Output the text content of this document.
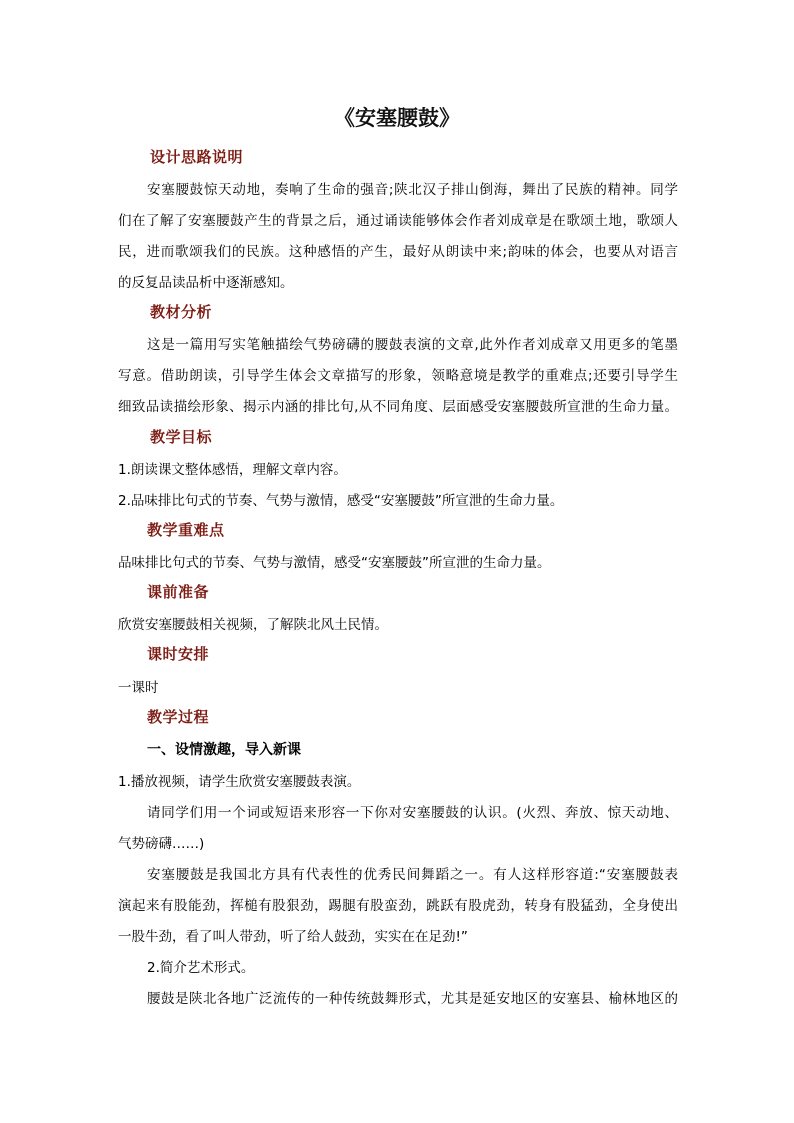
《安塞腰鼓》
设计思路说明
安塞腰鼓惊天动地，奏响了生命的强音;陕北汉子排山倒海，舞出了民族的精神。同学
们在了解了安塞腰鼓产生的背景之后，通过诵读能够体会作者刘成章是在歌颂土地，歌颂人
民，进而歌颂我们的民族。这种感悟的产生，最好从朗读中来;韵味的体会，也要从对语言
的反复品读品析中逐渐感知。
教材分析
这是一篇用写实笔触描绘气势磅礴的腰鼓表演的文章,此外作者刘成章又用更多的笔墨
写意。借助朗读，引导学生体会文章描写的形象，领略意境是教学的重难点;还要引导学生
细致品读描绘形象、揭示内涵的排比句,从不同角度、层面感受安塞腰鼓所宣泄的生命力量。
教学目标
1.朗读课文整体感悟，理解文章内容。
2.品味排比句式的节奏、气势与激情，感受“安塞腰鼓”所宣泄的生命力量。
教学重难点
品味排比句式的节奏、气势与激情，感受“安塞腰鼓”所宣泄的生命力量。
课前准备
欣赏安塞腰鼓相关视频，了解陕北风土民情。
课时安排
一课时
教学过程
一、设情激趣，导入新课
1.播放视频，请学生欣赏安塞腰鼓表演。
请同学们用一个词或短语来形容一下你对安塞腰鼓的认识。(火烈、奔放、惊天动地、
气势磅礴……)
安塞腰鼓是我国北方具有代表性的优秀民间舞蹈之一。有人这样形容道:“安塞腰鼓表
演起来有股能劲，挥槌有股狠劲，踢腿有股蛮劲，跳跃有股虎劲，转身有股猛劲，全身使出
一股牛劲，看了叫人带劲，听了给人鼓劲，实实在在足劲!”
2.简介艺术形式。
腰鼓是陕北各地广泛流传的一种传统鼓舞形式，尤其是延安地区的安塞县、榆林地区的
